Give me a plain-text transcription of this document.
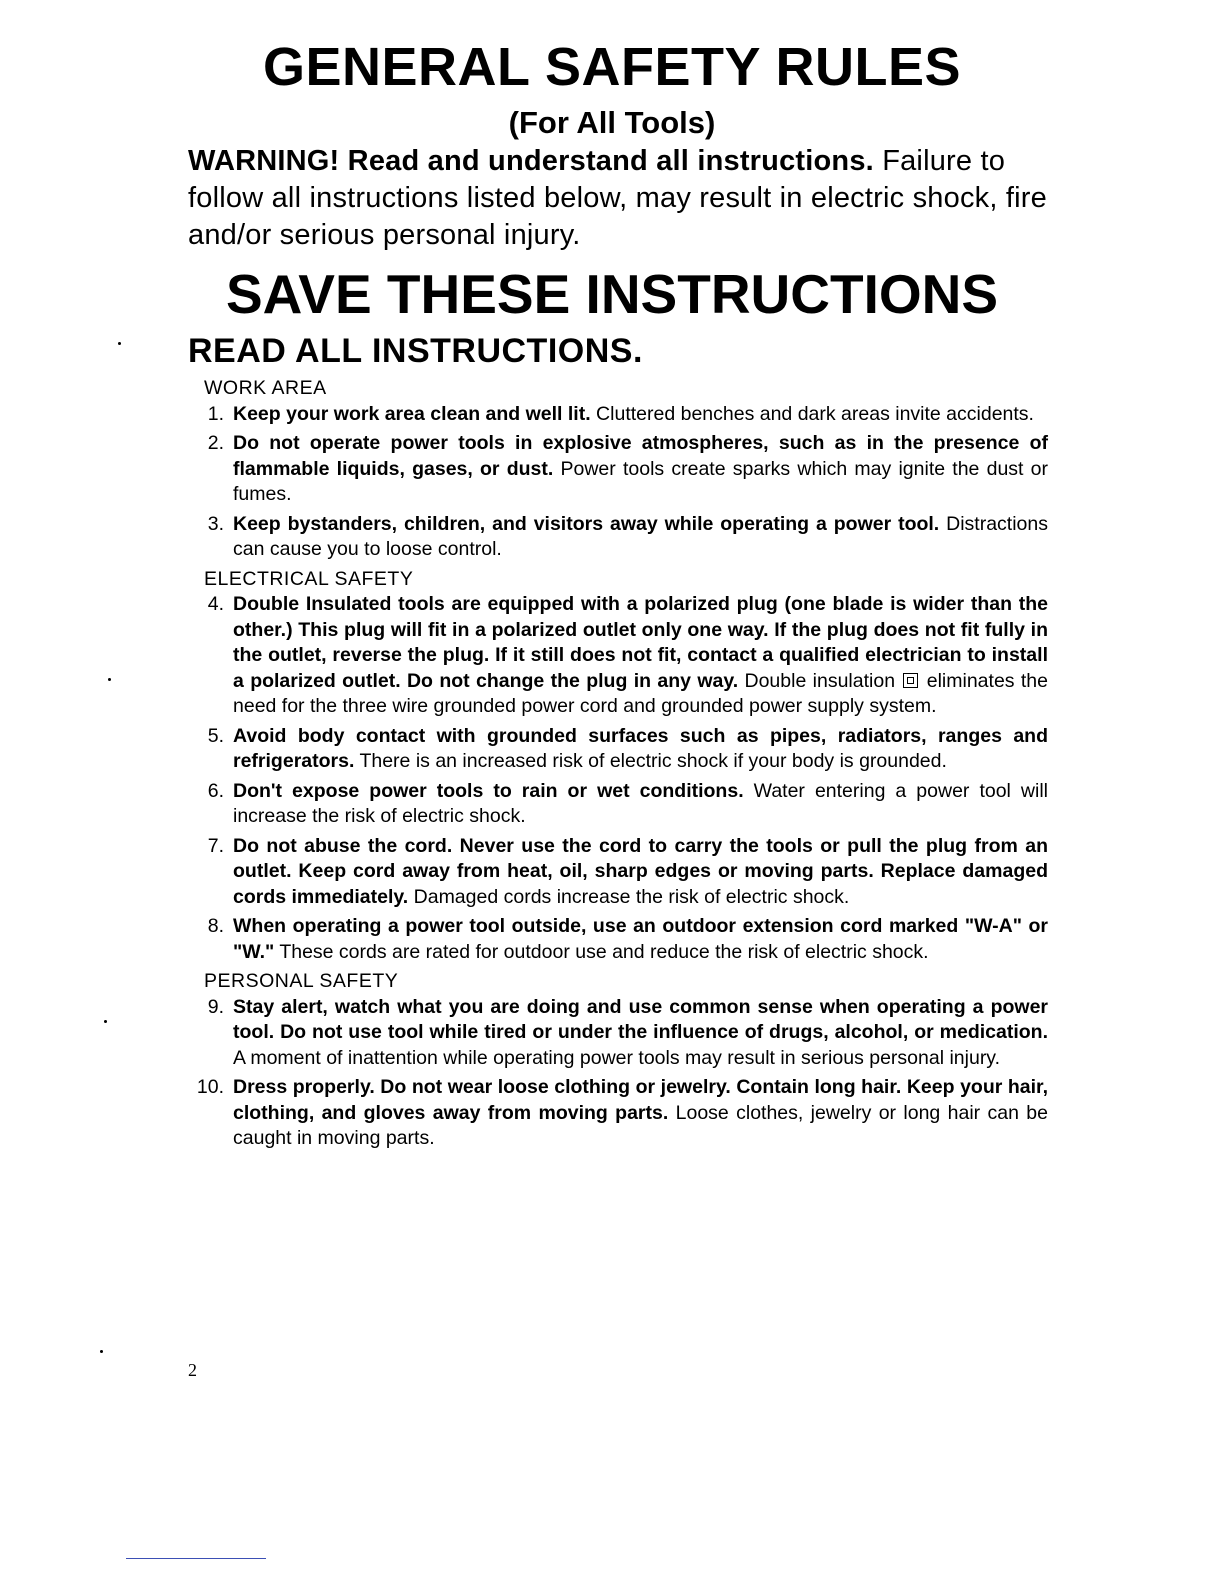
GENERAL SAFETY RULES
(For All Tools)

WARNING! Read and understand all instructions. Failure to follow all instructions listed below, may result in electric shock, fire and/or serious personal injury.

SAVE THESE INSTRUCTIONS
READ ALL INSTRUCTIONS.
WORK AREA
1 . Keep your work area clean and well lit. Cluttered benches and dark areas invite accidents.
2 . Do not operate power tools in explosive atmospheres, such as in the presence of flammable liquids, gases, or dust. Power tools create sparks which may ignite the dust or fumes.
3 . Keep bystanders, children, and visitors away while operating a power tool. Distractions can cause you to loose control.
ELECTRICAL SAFETY
4 . Double Insulated tools are equipped with a polarized plug (one blade is wider than the other.) This plug will fit in a polarized outlet only one way. If the plug does not fit fully in the outlet, reverse the plug. If it still does not fit, contact a qualified electrician to install a polarized outlet. Do not change the plug in any way. Double insulation  eliminates the need for the three wire grounded power cord and grounded power supply system.
5 . Avoid body contact with grounded surfaces such as pipes, radiators, ranges and refrigerators. There is an increased risk of electric shock if your body is grounded.
6 . Don't expose power tools to rain or wet conditions. Water entering a power tool will increase the risk of electric shock.
7 . Do not abuse the cord. Never use the cord to carry the tools or pull the plug from an outlet. Keep cord away from heat, oil, sharp edges or moving parts. Replace damaged cords immediately. Damaged cords increase the risk of electric shock.
8 . When operating a power tool outside, use an outdoor extension cord marked "W-A" or "W." These cords are rated for outdoor use and reduce the risk of electric shock.
PERSONAL SAFETY
9 . Stay alert, watch what you are doing and use common sense when operating a power tool. Do not use tool while tired or under the influence of drugs, alcohol, or medication. A moment of inattention while operating power tools may result in serious personal injury.
10 . Dress properly. Do not wear loose clothing or jewelry. Contain long hair. Keep your hair, clothing, and gloves away from moving parts. Loose clothes, jewelry or long hair can be caught in moving parts.
2
